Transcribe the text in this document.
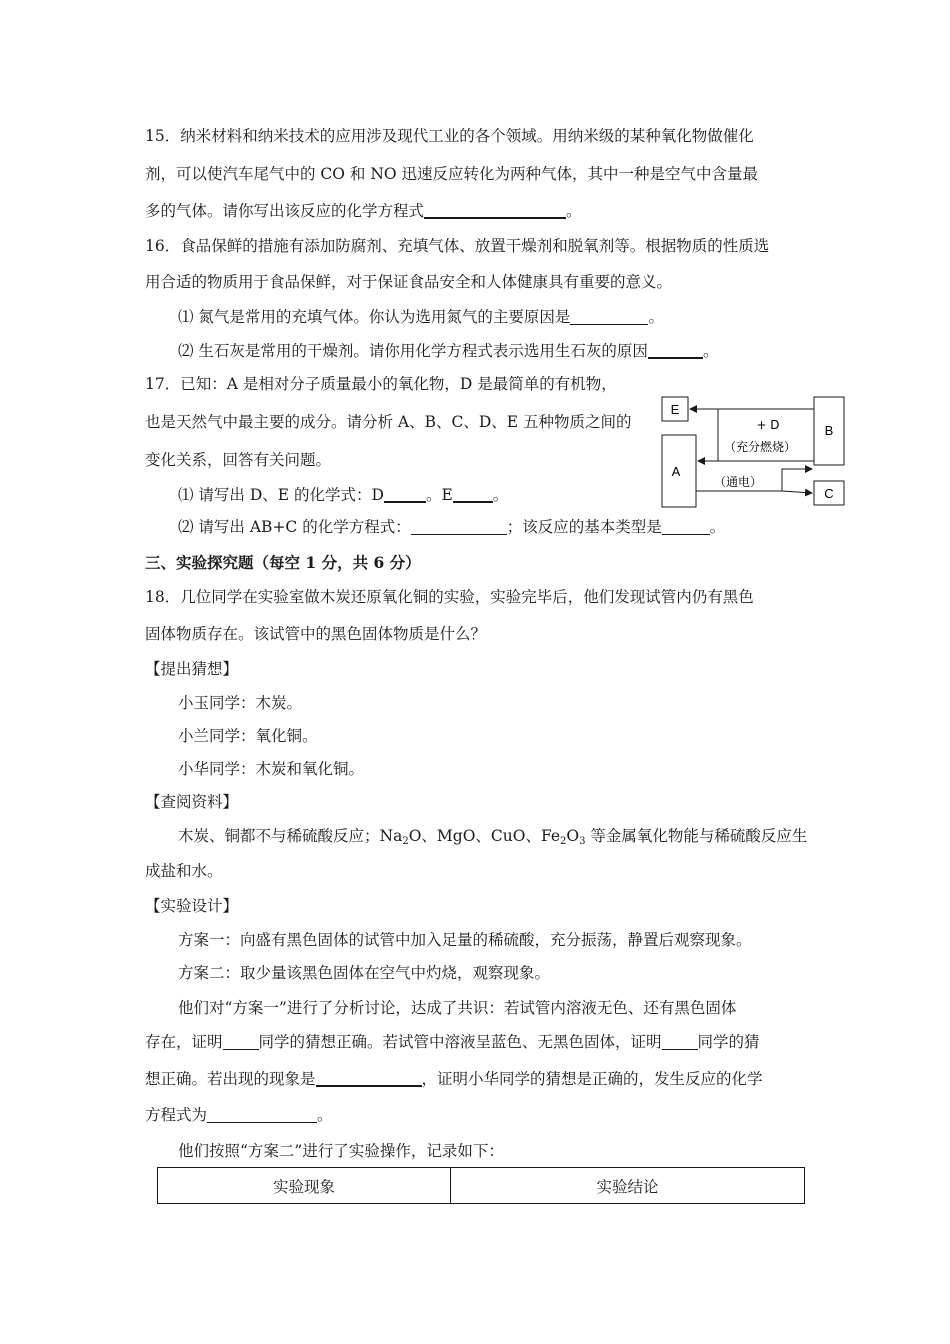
15．纳米材料和纳米技术的应用涉及现代工业的各个领域。用纳米级的某种氧化物做催化
剂，可以使汽车尾气中的 CO 和 NO 迅速反应转化为两种气体，其中一种是空气中含量最
多的气体。请你写出该反应的化学方程式	。
16．食品保鲜的措施有添加防腐剂、充填气体、放置干燥剂和脱氧剂等。根据物质的性质选
用合适的物质用于食品保鲜，对于保证食品安全和人体健康具有重要的意义。
⑴ 氮气是常用的充填气体。你认为选用氮气的主要原因是	。
⑵ 生石灰是常用的干燥剂。请你用化学方程式表示选用生石灰的原因	。
17．已知：A 是相对分子质量最小的氧化物，D 是最简单的有机物，
也是天然气中最主要的成分。请分析 A、B、C、D、E 五种物质之间的
变化关系，回答有关问题。
⑴ 请写出 D、E 的化学式：D	。E	。
⑵ 请写出 AB+C 的化学方程式：	；该反应的基本类型是	。
E
A
B
C
+ D
（充分燃烧）
（通电）
三、实验探究题（每空 1 分，共 6 分）
18．几位同学在实验室做木炭还原氧化铜的实验，实验完毕后，他们发现试管内仍有黑色
固体物质存在。该试管中的黑色固体物质是什么？
【提出猜想】
小玉同学：木炭。
小兰同学：氧化铜。
小华同学：木炭和氧化铜。
【查阅资料】
木炭、铜都不与稀硫酸反应；$Na_2O$、MgO、CuO、$Fe_2O_3$ 等金属氧化物能与稀硫酸反应生
成盐和水。
【实验设计】
方案一：向盛有黑色固体的试管中加入足量的稀硫酸，充分振荡，静置后观察现象。
方案二：取少量该黑色固体在空气中灼烧，观察现象。
他们对“方案一”进行了分析讨论，达成了共识：若试管内溶液无色、还有黑色固体
存在，证明 同学的猜想正确。若试管中溶液呈蓝色、无黑色固体，证明 同学的猜
想正确。若出现的现象是	，证明小华同学的猜想是正确的，发生反应的化学
方程式为	。
他们按照“方案二”进行了实验操作，记录如下：
实验现象	实验结论
